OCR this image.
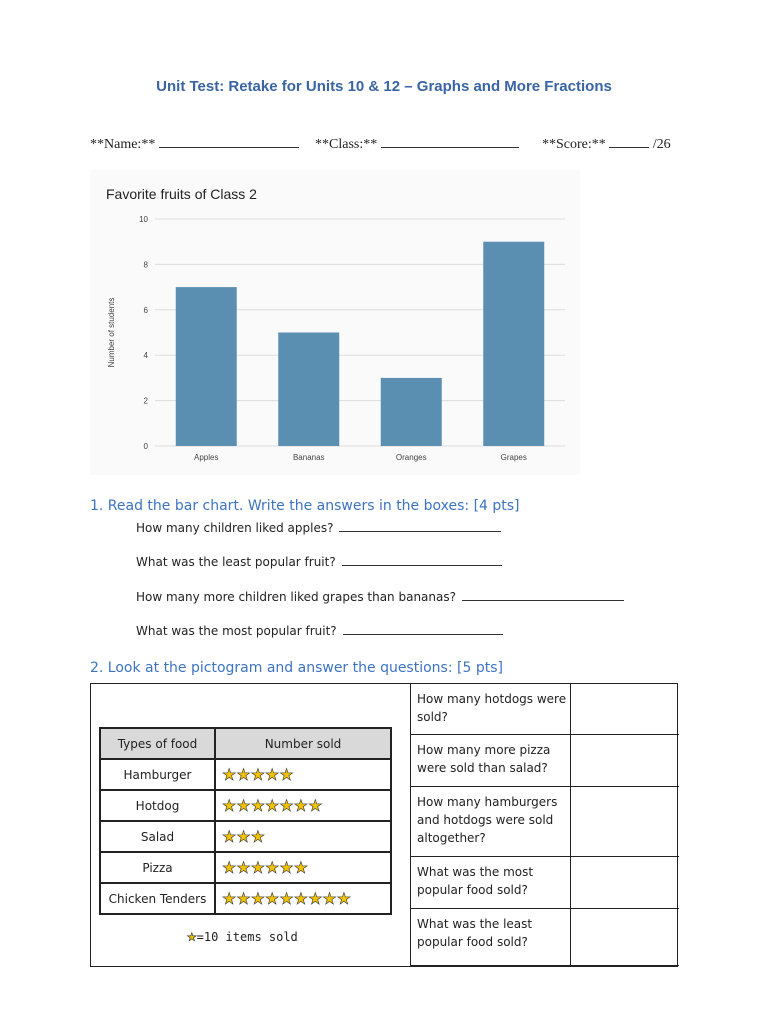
Unit Test: Retake for Units 10 & 12 – Graphs and More Fractions
**Name:**	**Class:**	**Score:**	/26
Favorite fruits of Class 2
0
2
4
6
8
10
Number of students
Apples	Bananas	Oranges	Grapes
1. Read the bar chart. Write the answers in the boxes: [4 pts]
How many children liked apples?
What was the least popular fruit?
How many more children liked grapes than bananas?
What was the most popular fruit?
2. Look at the pictogram and answer the questions: [5 pts]
Types of food	Number sold
Hamburger	★★★★★
Hotdog	★★★★★★★
Salad	★★★
Pizza	★★★★★★
Chicken Tenders	★★★★★★★★★
★=10 items sold
How many hotdogs were sold?
How many more pizza were sold than salad?
How many hamburgers and hotdogs were sold altogether?
What was the most popular food sold?
What was the least popular food sold?
